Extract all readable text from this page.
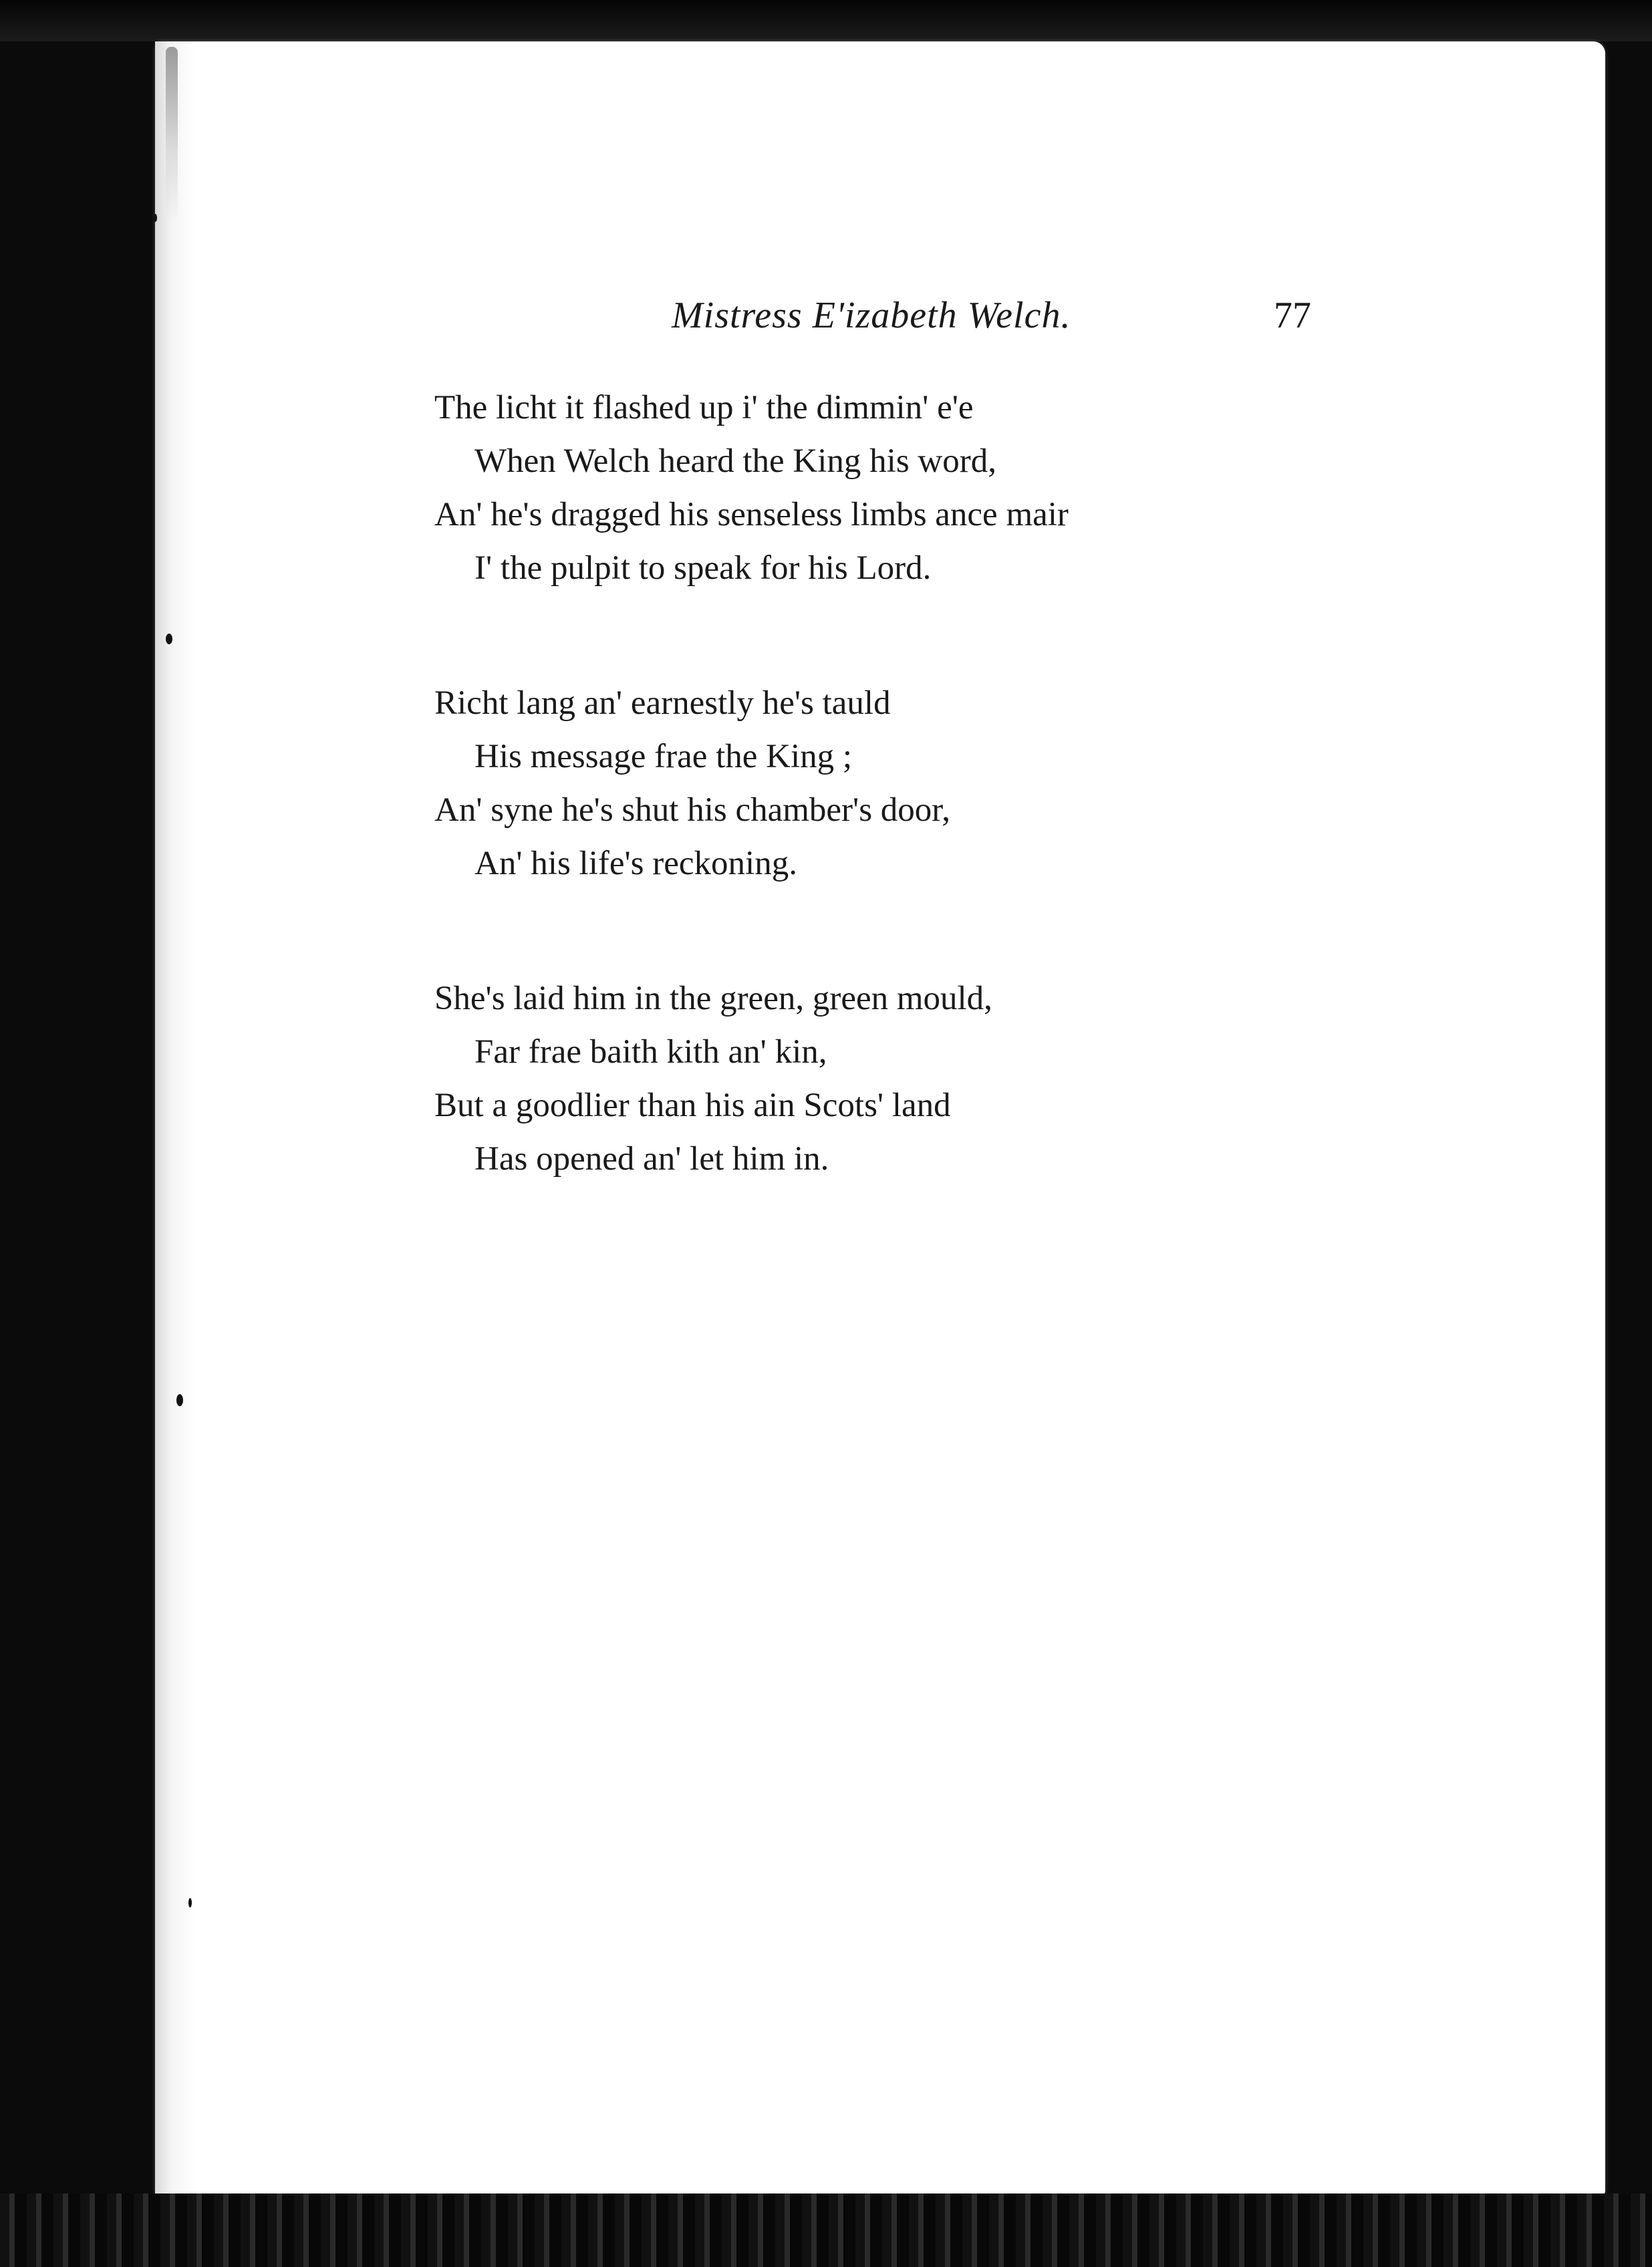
Mistress E'izabeth Welch.	77
The licht it flashed up i' the dimmin' e'e
When Welch heard the King his word,
An' he's dragged his senseless limbs ance mair
I' the pulpit to speak for his Lord.
Richt lang an' earnestly he's tauld
His message frae the King ;
An' syne he's shut his chamber's door,
An' his life's reckoning.
She's laid him in the green, green mould,
Far frae baith kith an' kin,
But a goodlier than his ain Scots' land
Has opened an' let him in.
